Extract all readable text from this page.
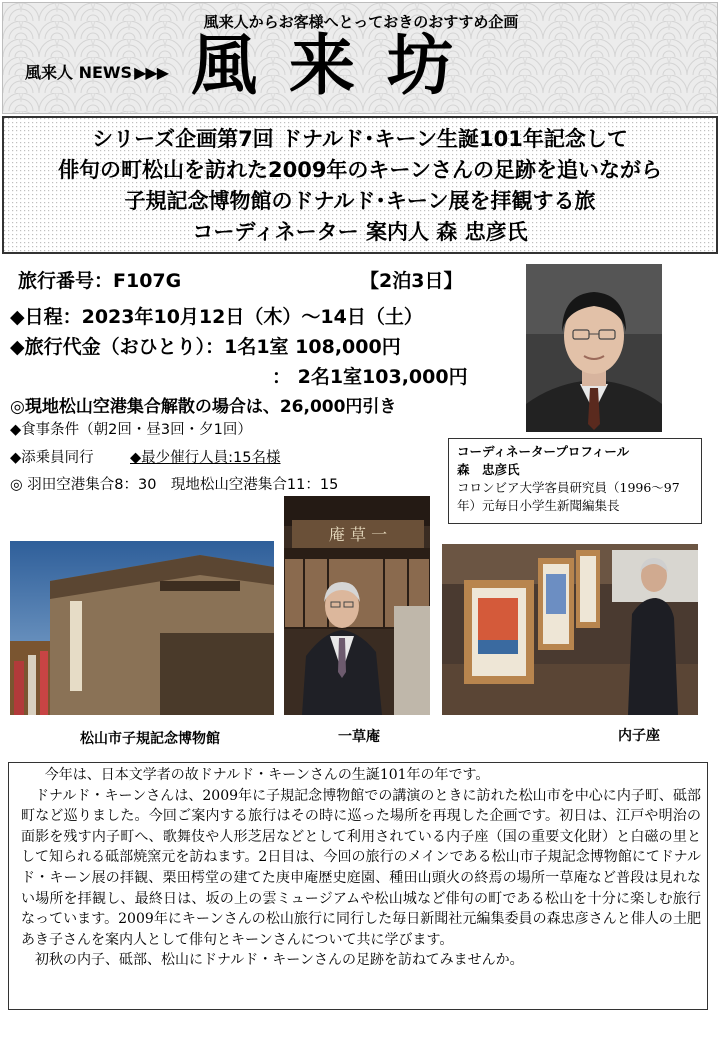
風来人からお客様へとっておきのおすすめ企画
風来人 NEWS ▶▶▶ 風来坊
シリーズ企画第7回 ドナルド･キーン生誕101年記念して
俳句の町松山を訪れた2009年のキーンさんの足跡を追いながら
子規記念博物館のドナルド･キーン展を拝観する旅
コーディネーター 案内人 森 忠彦氏
旅行番号：F107G	【2泊3日】
◆日程：2023年10月12日（木）～14日（土）
◆旅行代金（おひとり）：1名1室 108,000円
： 2名1室103,000円
◎現地松山空港集合解散の場合は、26,000円引き
◆食事条件（朝2回・昼3回・夕1回）
◆添乗員同行	◆最少催行人員:15名様
◎ 羽田空港集合8：30　現地松山空港集合11：15
コーディネータープロフィール
森　忠彦氏
コロンビア大学客員研究員（1996～97年）元毎日小学生新聞編集長
庵 草 一
松山市子規記念博物館	一草庵	内子座

今年は、日本文学者の故ドナルド・キーンさんの生誕101年の年です。

ドナルド・キーンさんは、2009年に子規記念博物館での講演のときに訪れた松山市を中心に内子町、砥部町など巡りました。今回ご案内する旅行はその時に巡った場所を再現した企画です。初日は、江戸や明治の面影を残す内子町へ、歌舞伎や人形芝居などとして利用されている内子座（国の重要文化財）と白磁の里として知られる砥部焼窯元を訪ねます。2日目は、今回の旅行のメインである松山市子規記念博物館にてドナルド・キーン展の拝観、栗田樗堂の建てた庚申庵歴史庭園、種田山頭火の終焉の場所一草庵など普段は見れない場所を拝観し、最終日は、坂の上の雲ミュージアムや松山城など俳句の町である松山を十分に楽しむ旅行なっています。2009年にキーンさんの松山旅行に同行した毎日新聞社元編集委員の森忠彦さんと俳人の土肥あき子さんを案内人として俳句とキーンさんについて共に学びます。

初秋の内子、砥部、松山にドナルド・キーンさんの足跡を訪ねてみませんか。
